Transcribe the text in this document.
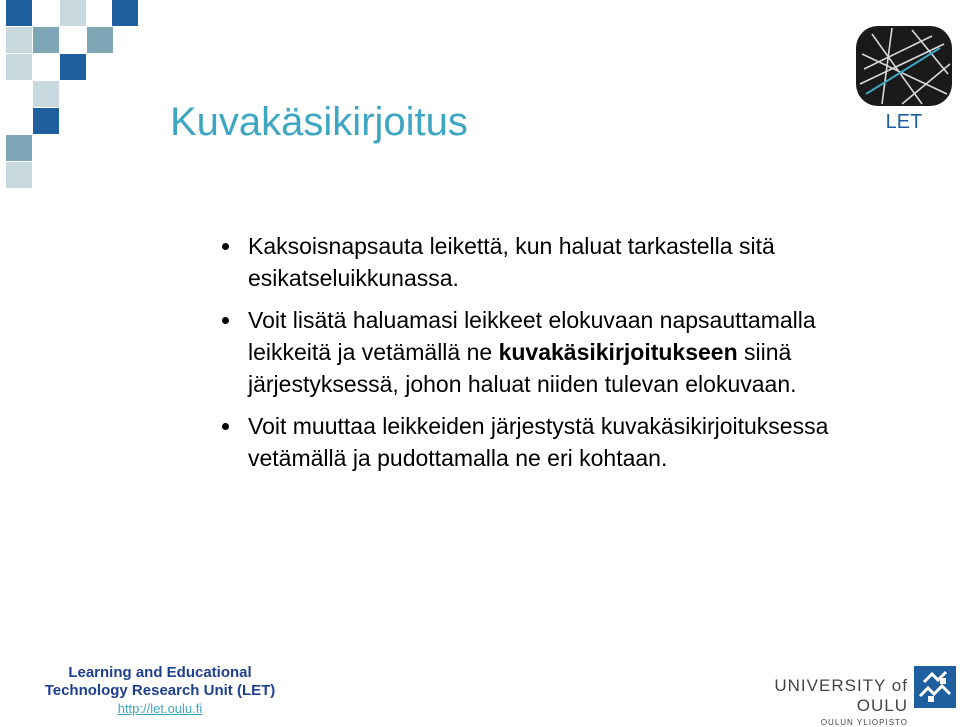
Kuvakäsikirjoitus	LET
Kaksoisnapsauta leikettä, kun haluat tarkastella sitä esikatseluikkunassa.
Voit lisätä haluamasi leikkeet elokuvaan napsauttamalla leikkeitä ja vetämällä ne kuvakäsikirjoitukseen siinä järjestyksessä, johon haluat niiden tulevan elokuvaan.
Voit muuttaa leikkeiden järjestystä kuvakäsikirjoituksessa vetämällä ja pudottamalla ne eri kohtaan.
Learning and Educational
Technology Research Unit (LET)
http://let.oulu.fi
UNIVERSITY of OULU
OULUN YLIOPISTO
